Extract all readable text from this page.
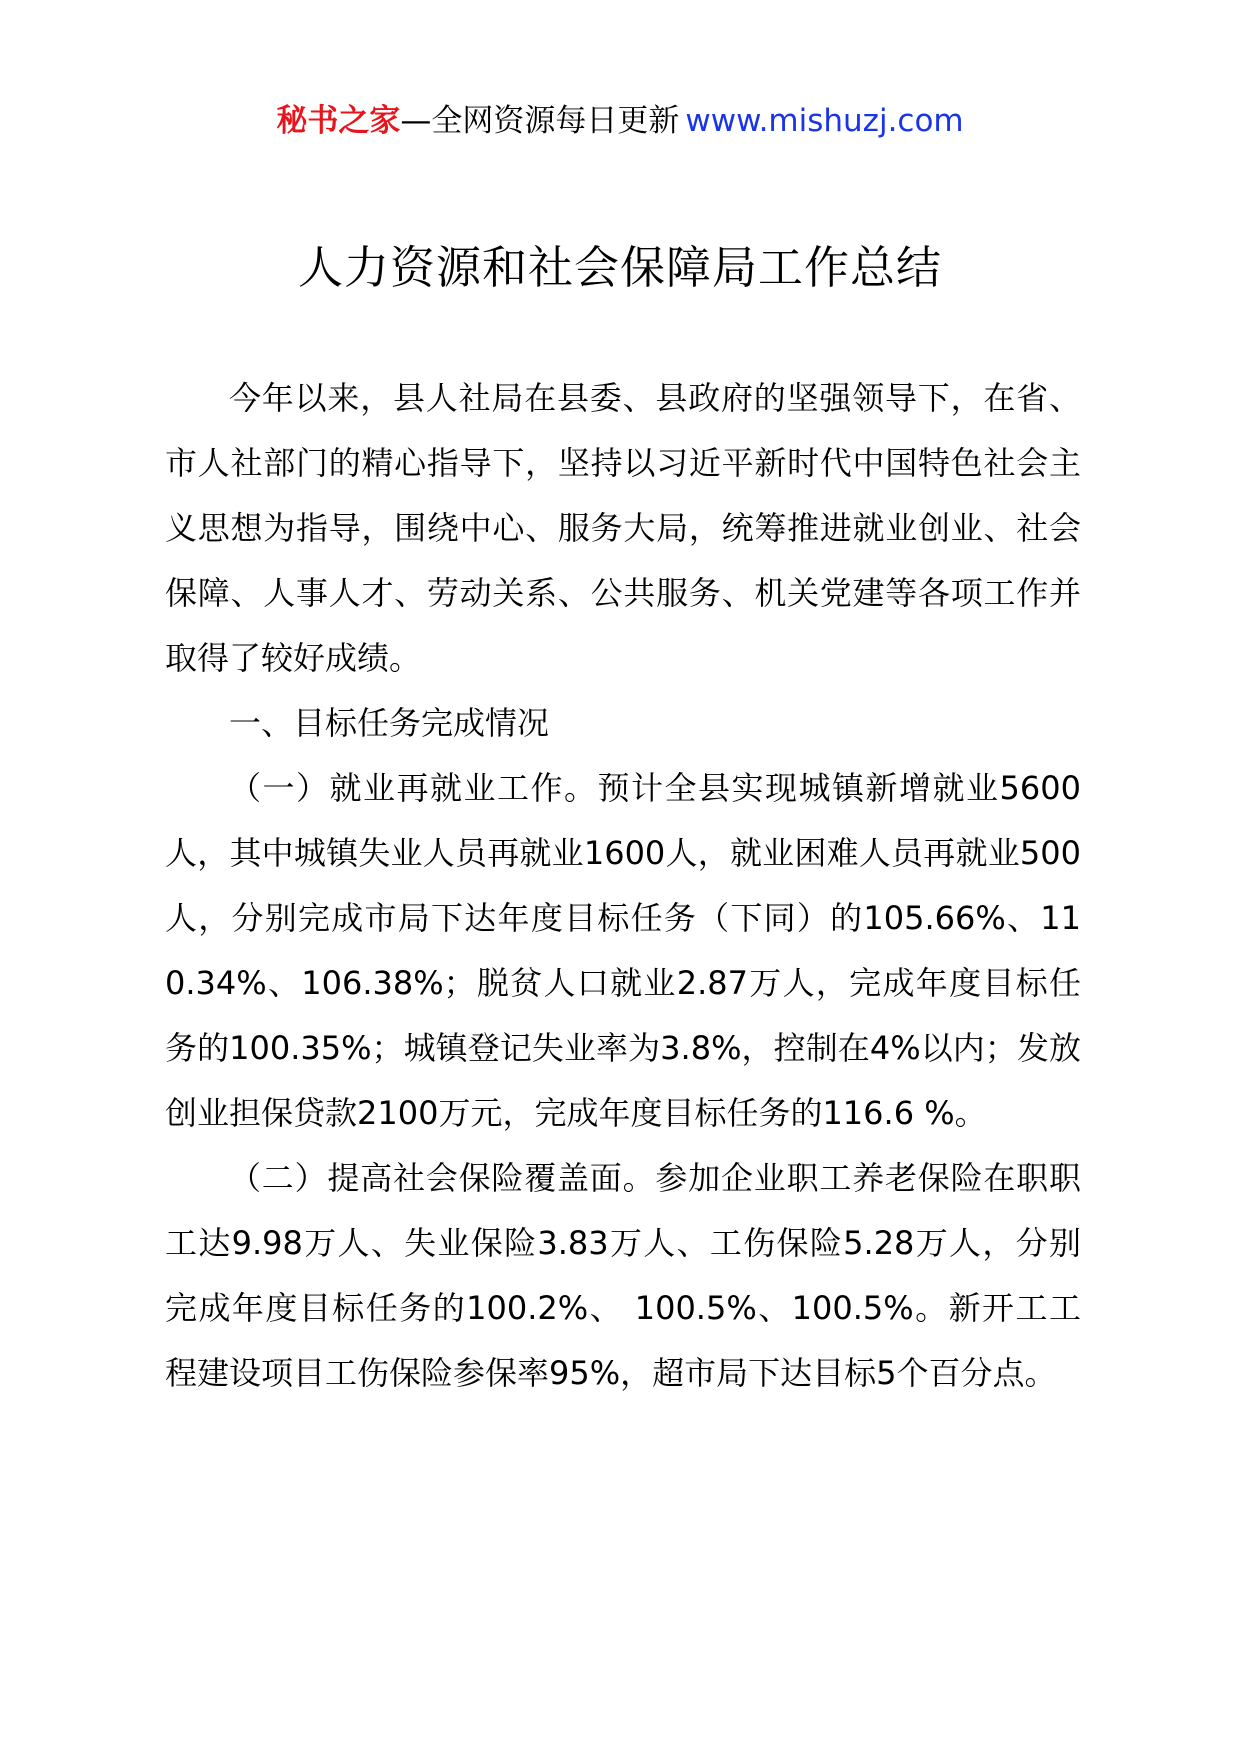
秘书之家—全网资源每日更新 www.mishuzj.com
人力资源和社会保障局工作总结

今年以来，县人社局在县委、县政府的坚强领导下，在省、市人社部门的精心指导下，坚持以习近平新时代中国特色社会主义思想为指导，围绕中心、服务大局，统筹推进就业创业、社会保障、人事人才、劳动关系、公共服务、机关党建等各项工作并取得了较好成绩。

一、目标任务完成情况

（一）就业再就业工作。预计全县实现城镇新增就业5600人，其中城镇失业人员再就业1600人，就业困难人员再就业500人，分别完成市局下达年度目标任务（下同）的105.66%、110.34%、106.38%；脱贫人口就业2.87万人，完成年度目标任务的100.35%；城镇登记失业率为3.8%，控制在4%以内；发放创业担保贷款2100万元，完成年度目标任务的116.6 %。

（二）提高社会保险覆盖面。参加企业职工养老保险在职职工达9.98万人、失业保险3.83万人、工伤保险5.28万人，分别完成年度目标任务的100.2%、 100.5%、100.5%。新开工工程建设项目工伤保险参保率95%，超市局下达目标5个百分点。
